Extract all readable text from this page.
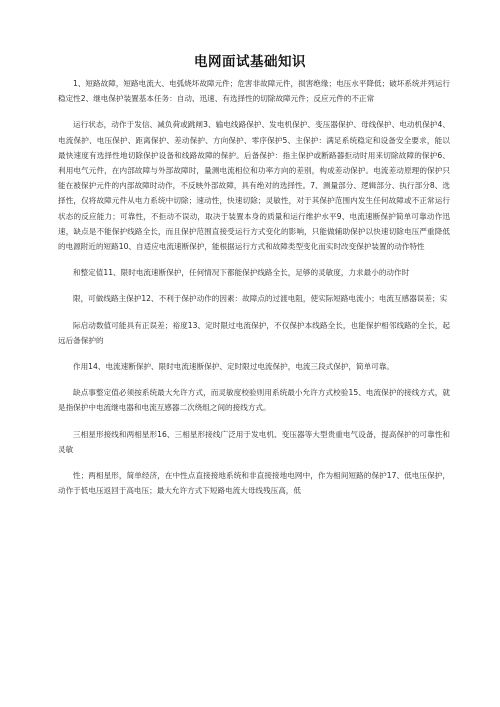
电网面试基础知识

1、短路故障，短路电流大、电弧烧坏故障元件；危害非故障元件，损害绝缘；电压水平降低；破坏系统并列运行稳定性2、继电保护装置基本任务：自动、迅速、有选择性的切除故障元件；反应元件的不正常

运行状态，动作于发信、减负荷或跳闸3、输电线路保护、发电机保护、变压器保护、母线保护、电动机保护4、电流保护、电压保护、距离保护、差动保护、方向保护、零序保护5、主保护：满足系统稳定和设备安全要求，能以最快速度有选择性地切除保护设备和线路故障的保护。后备保护：指主保护或断路器拒动时用来切除故障的保护6、利用电气元件，在内部故障与外部故障时，量测电流相位和功率方向的差别，构成差动保护。电流差动原理的保护只能在被保护元件的内部故障时动作，不反映外部故障，具有绝对的选择性。7、测量部分、逻辑部分、执行部分8、选择性，仅将故障元件从电力系统中切除；速动性，快速切除；灵敏性，对于其保护范围内发生任何故障或不正常运行状态的反应能力；可靠性，不拒动不误动，取决于装置本身的质量和运行维护水平9、电流速断保护简单可靠动作迅速，缺点是不能保护线路全长，而且保护范围直接受运行方式变化的影响，只能做辅助保护以快速切除电压严重降低的电源附近的短路10、自适应电流速断保护，能根据运行方式和故障类型变化而实时改变保护装置的动作特性

和整定值11、限时电流速断保护，任何情况下都能保护线路全长，足够的灵敏度，力求最小的动作时

限，可做线路主保护12、不利于保护动作的因素：故障点的过渡电阻，使实际短路电流小；电流互感器误差；实

际启动数值可能具有正误差；裕度13、定时限过电流保护，不仅保护本线路全长，也能保护相邻线路的全长，起远后备保护的

作用14、电流速断保护、限时电流速断保护、定时限过电流保护，电流三段式保护，简单可靠。

缺点事整定值必须按系统最大允许方式，而灵敏度校验则用系统最小允许方式校验15、电流保护的接线方式，就是指保护中电流继电器和电流互感器二次绕组之间的接线方式。

三相星形接线和两相星形16、三相星形接线广泛用于发电机、变压器等大型贵重电气设备，提高保护的可靠性和灵敏

性；两相星形，简单经济，在中性点直接接地系统和非直接接地电网中，作为相间短路的保护17、低电压保护，动作于低电压返回于高电压；最大允许方式下短路电流大母线残压高，低
